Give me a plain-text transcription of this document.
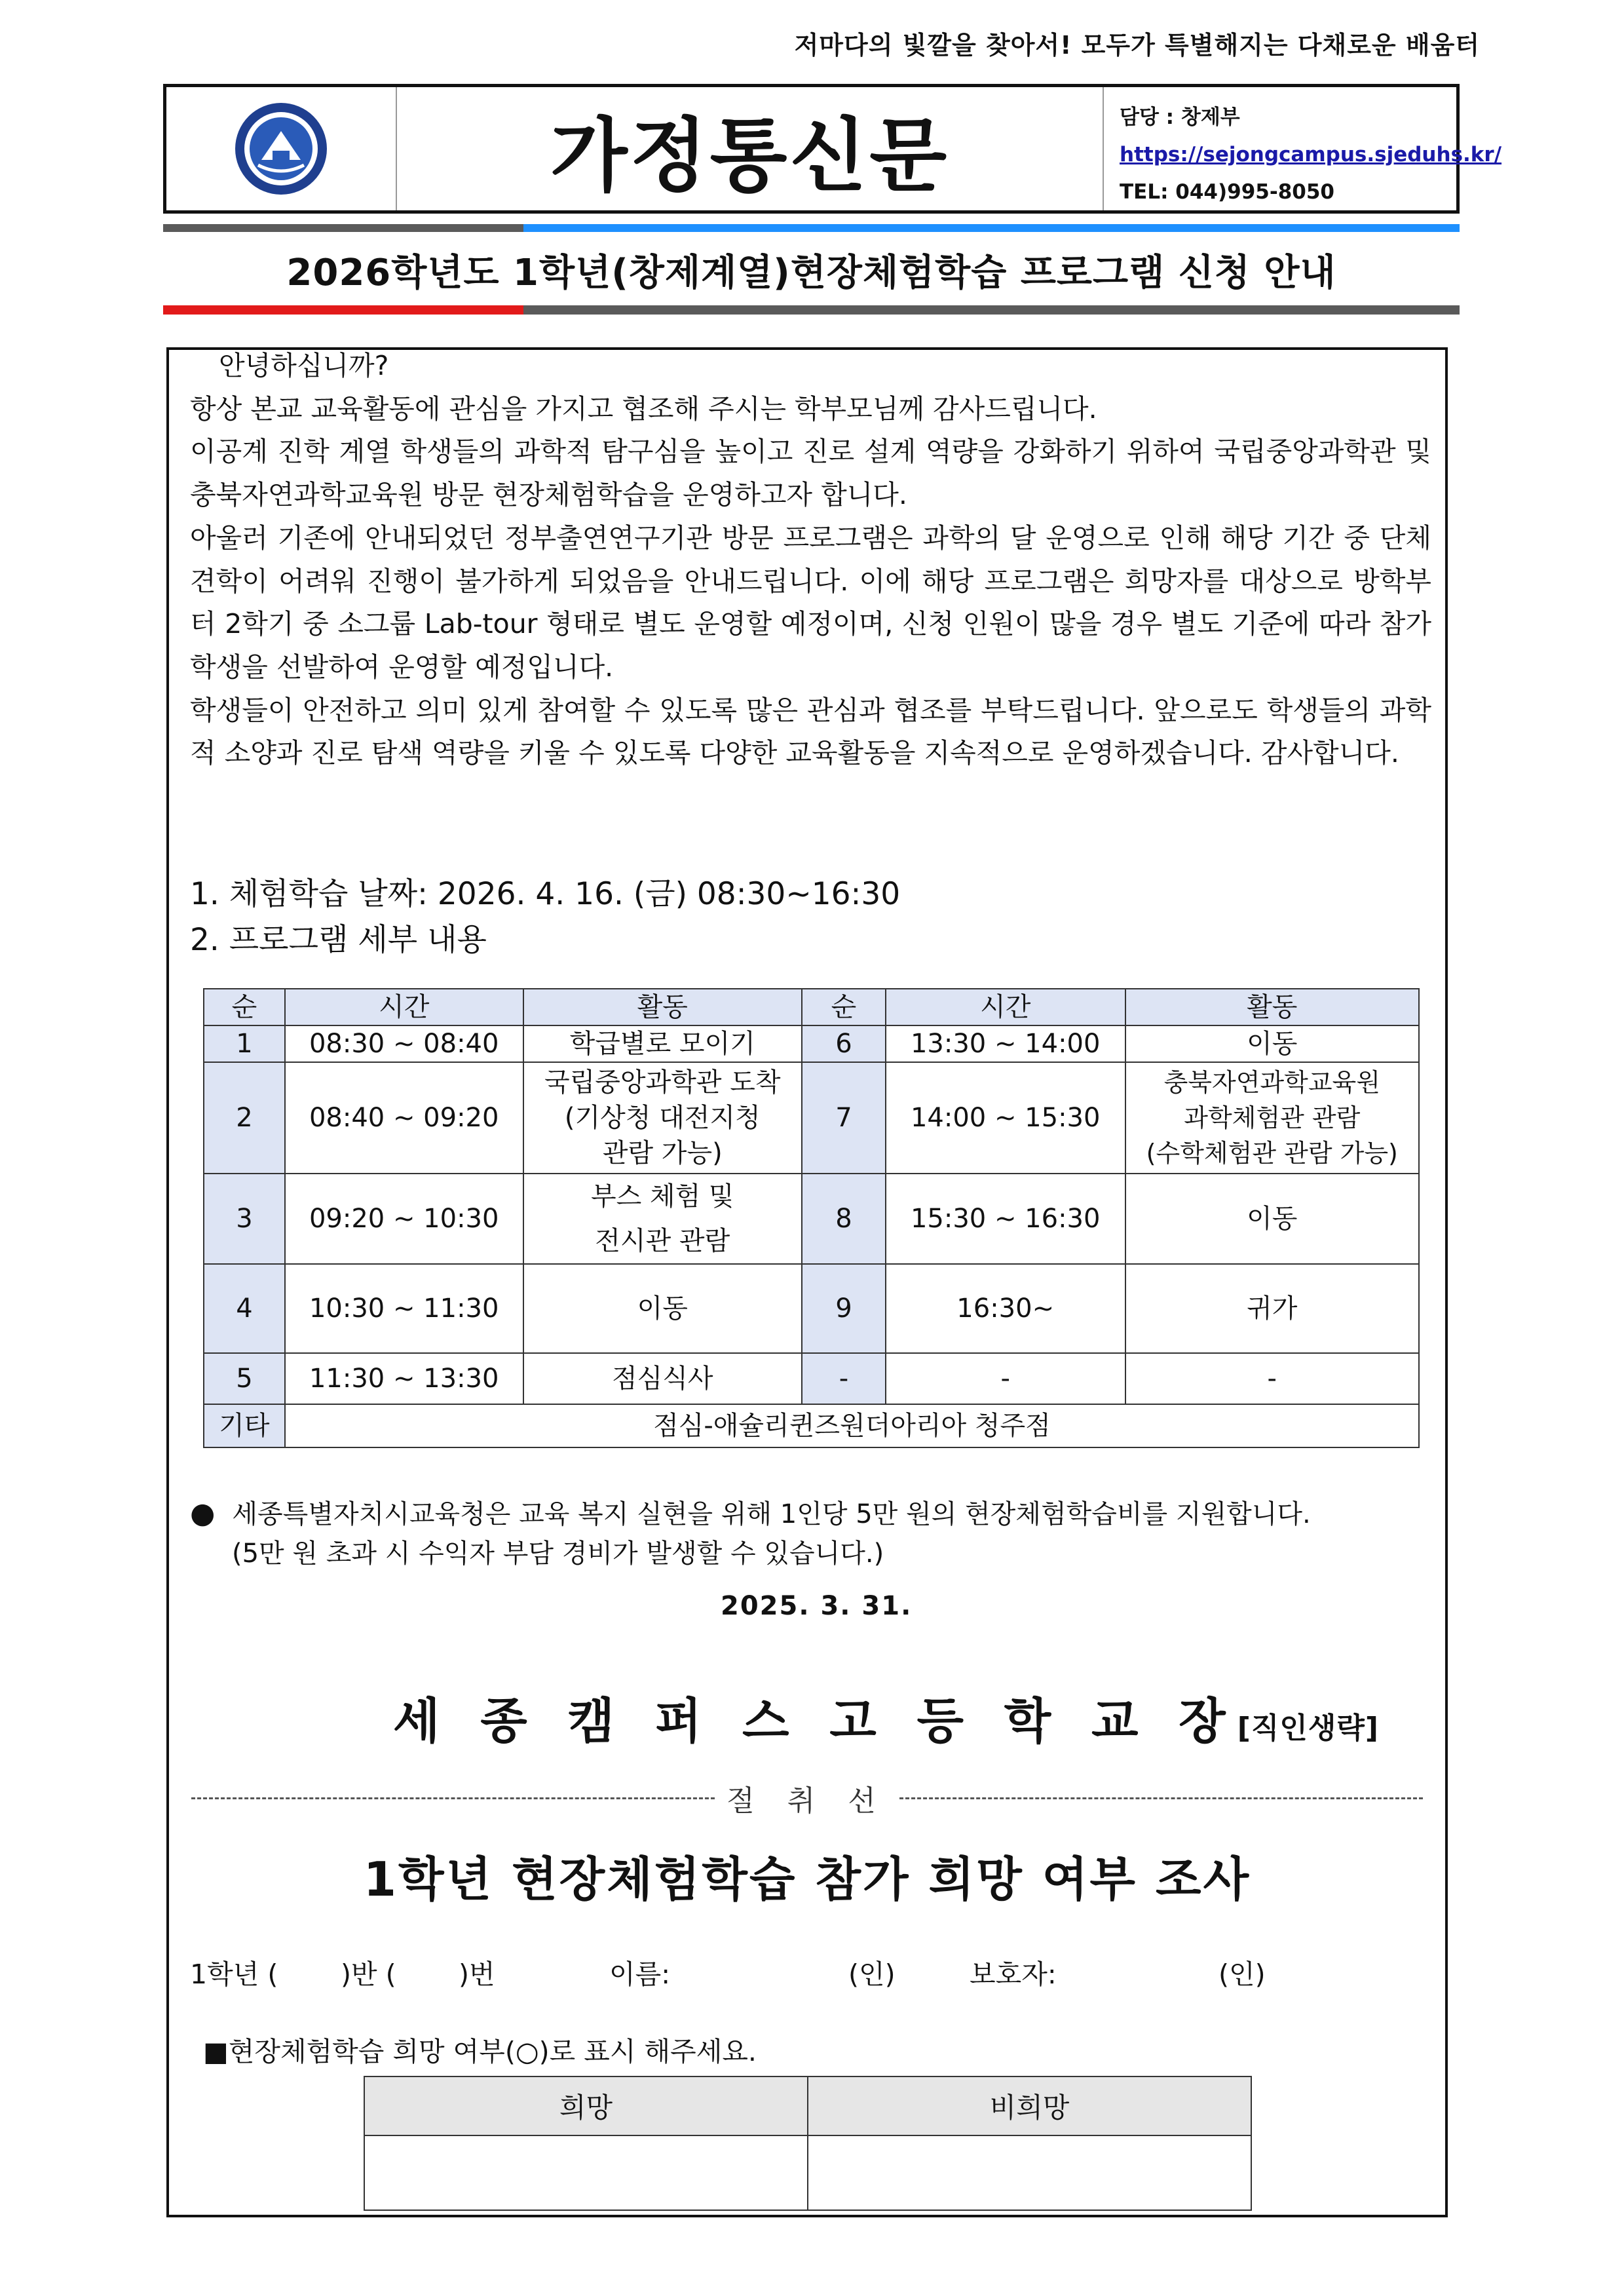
저마다의 빛깔을 찾아서! 모두가 특별해지는 다채로운 배움터
가정통신문	담당 : 창제부
https://sejongcampus.sjeduhs.kr/
TEL: 044)995-8050
2026학년도 1학년(창제계열)현장체험학습 프로그램 신청 안내

안녕하십니까?

항상 본교 교육활동에 관심을 가지고 협조해 주시는 학부모님께 감사드립니다.

이공계 진학 계열 학생들의 과학적 탐구심을 높이고 진로 설계 역량을 강화하기 위하여 국립중앙과학관 및 충북자연과학교육원 방문 현장체험학습을 운영하고자 합니다.

아울러 기존에 안내되었던 정부출연연구기관 방문 프로그램은 과학의 달 운영으로 인해 해당 기간 중 단체 견학이 어려워 진행이 불가하게 되었음을 안내드립니다. 이에 해당 프로그램은 희망자를 대상으로 방학부터 2학기 중 소그룹 Lab-tour 형태로 별도 운영할 예정이며, 신청 인원이 많을 경우 별도 기준에 따라 참가 학생을 선발하여 운영할 예정입니다.

학생들이 안전하고 의미 있게 참여할 수 있도록 많은 관심과 협조를 부탁드립니다. 앞으로도 학생들의 과학적 소양과 진로 탐색 역량을 키울 수 있도록 다양한 교육활동을 지속적으로 운영하겠습니다. 감사합니다.

1. 체험학습 날짜: 2026. 4. 16. (금) 08:30~16:30

2. 프로그램 세부 내용

순	시간	활동	순	시간	활동
1	08:30 ~ 08:40	학급별로 모이기	6	13:30 ~ 14:00	이동
2	08:40 ~ 09:20	국립중앙과학관 도착
(기상청 대전지청
관람 가능)	7	14:00 ~ 15:30	충북자연과학교육원
과학체험관 관람
(수학체험관 관람 가능)
3	09:20 ~ 10:30	부스 체험 및
전시관 관람	8	15:30 ~ 16:30	이동
4	10:30 ~ 11:30	이동	9	16:30~	귀가
5	11:30 ~ 13:30	점심식사	-	-	-
기타	점심-애슐리퀸즈원더아리아 청주점				

● 세종특별자치시교육청은 교육 복지 실현을 위해 1인당 5만 원의 현장체험학습비를 지원합니다.

(5만 원 초과 시 수익자 부담 경비가 발생할 수 있습니다.)

2025. 3. 31.
세 종 캠 퍼 스 고 등 학 교 장[직인생략]
절 취 선
1학년 현장체험학습 참가 희망 여부 조사
1학년 ( )반 ( )번	이름:	(인)	보호자:	(인)
■현장체험학습 희망 여부(○)로 표시 해주세요.
희망	비희망
